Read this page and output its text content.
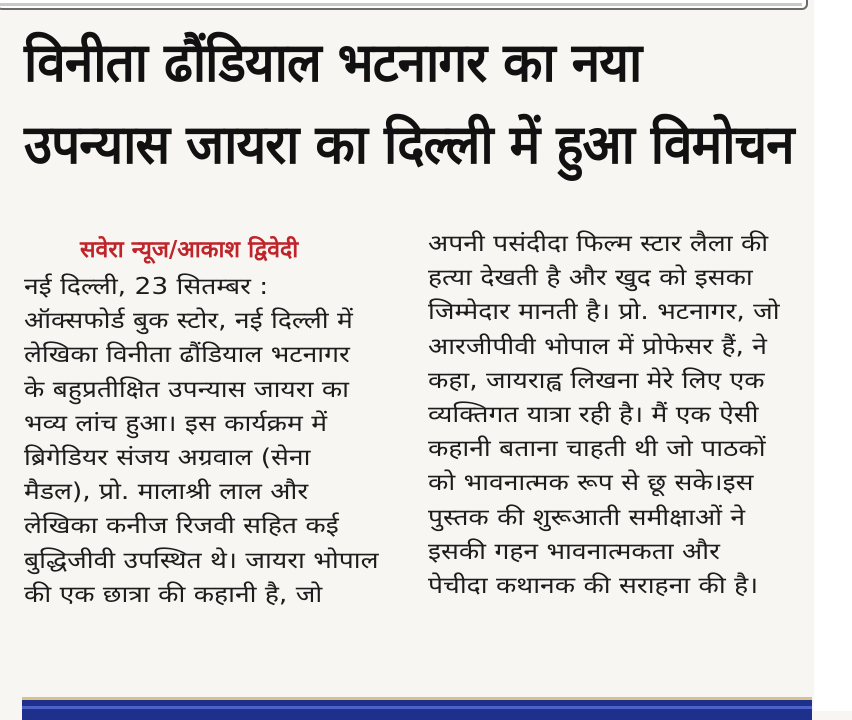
विनीता ढौंडियाल भटनागर का नया
उपन्यास जायरा का दिल्ली में हुआ विमोचन
सवेरा न्यूज/आकाश द्विवेदी
नई दिल्ली, 23 सितम्बर :
ऑक्सफोर्ड बुक स्टोर, नई दिल्ली में
लेखिका विनीता ढौंडियाल भटनागर
के बहुप्रतीक्षित उपन्यास जायरा का
भव्य लांच हुआ। इस कार्यक्रम में
ब्रिगेडियर संजय अग्रवाल (सेना
मैडल), प्रो. मालाश्री लाल और
लेखिका कनीज रिजवी सहित कई
बुद्धिजीवी उपस्थित थे। जायरा भोपाल
की एक छात्रा की कहानी है, जो
अपनी पसंदीदा फिल्म स्टार लैला की
हत्या देखती है और खुद को इसका
जिम्मेदार मानती है। प्रो. भटनागर, जो
आरजीपीवी भोपाल में प्रोफेसर हैं, ने
कहा, जायराह्व लिखना मेरे लिए एक
व्यक्तिगत यात्रा रही है। मैं एक ऐसी
कहानी बताना चाहती थी जो पाठकों
को भावनात्मक रूप से छू सके।इस
पुस्तक की शुरूआती समीक्षाओं ने
इसकी गहन भावनात्मकता और
पेचीदा कथानक की सराहना की है।
